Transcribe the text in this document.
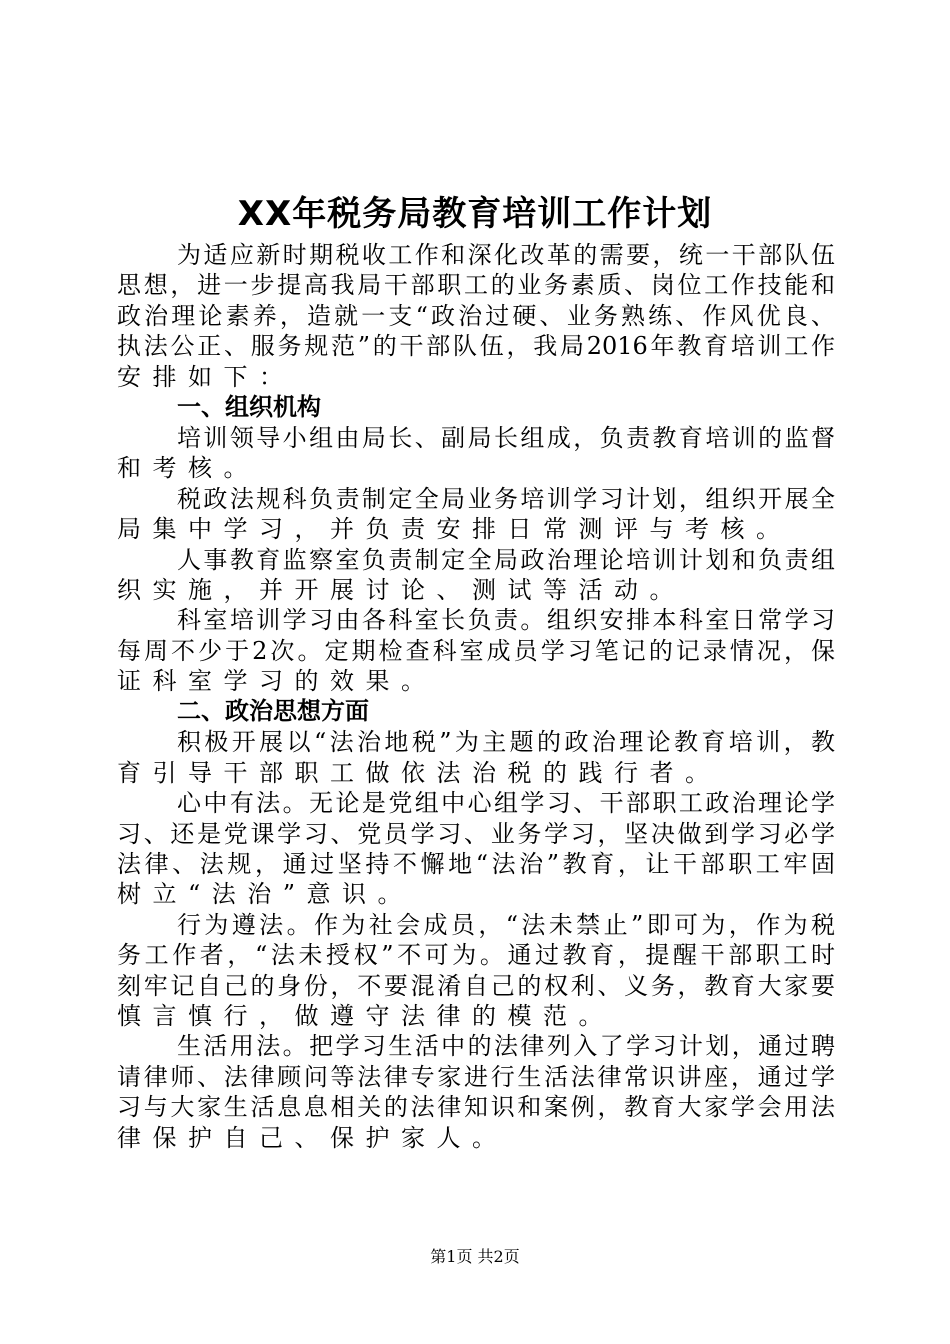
XX年税务局教育培训工作计划
为适应新时期税收工作和深化改革的需要，统一干部队伍
思想，进一步提高我局干部职工的业务素质、岗位工作技能和
政治理论素养，造就一支“政治过硬、业务熟练、作风优良、
执法公正、服务规范”的干部队伍，我局2016年教育培训工作
安排如下：
一、组织机构
培训领导小组由局长、副局长组成，负责教育培训的监督
和考核。
税政法规科负责制定全局业务培训学习计划，组织开展全
局集中学习，并负责安排日常测评与考核。
人事教育监察室负责制定全局政治理论培训计划和负责组
织实施，并开展讨论、测试等活动。
科室培训学习由各科室长负责。组织安排本科室日常学习
每周不少于2次。定期检查科室成员学习笔记的记录情况，保
证科室学习的效果。
二、政治思想方面
积极开展以“法治地税”为主题的政治理论教育培训，教
育引导干部职工做依法治税的践行者。
心中有法。无论是党组中心组学习、干部职工政治理论学
习、还是党课学习、党员学习、业务学习，坚决做到学习必学
法律、法规，通过坚持不懈地“法治”教育，让干部职工牢固
树立“法治”意识。
行为遵法。作为社会成员，“法未禁止”即可为，作为税
务工作者，“法未授权”不可为。通过教育，提醒干部职工时
刻牢记自己的身份，不要混淆自己的权利、义务，教育大家要
慎言慎行，做遵守法律的模范。
生活用法。把学习生活中的法律列入了学习计划，通过聘
请律师、法律顾问等法律专家进行生活法律常识讲座，通过学
习与大家生活息息相关的法律知识和案例，教育大家学会用法
律保护自己、保护家人。
第1页 共2页
